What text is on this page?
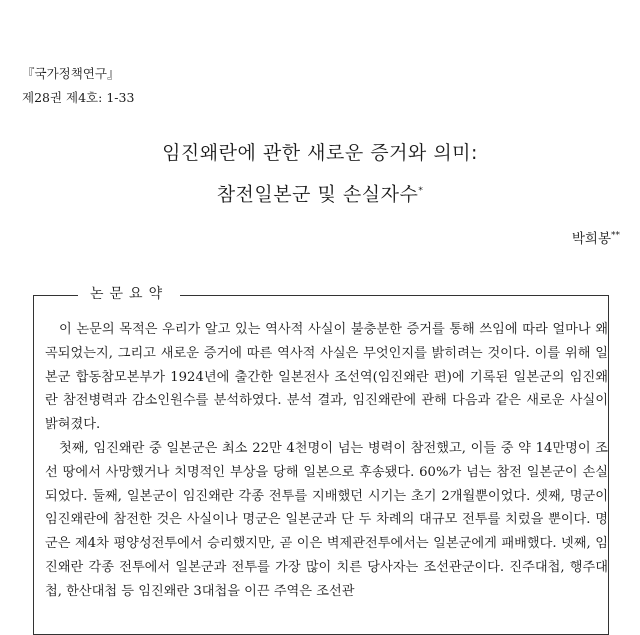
『국가정책연구』
제28권 제4호: 1-33
임진왜란에 관한 새로운 증거와 의미:
참전일본군 및 손실자수*
박희봉**
논문요약

이 논문의 목적은 우리가 알고 있는 역사적 사실이 불충분한 증거를 통해 쓰임에 따라 얼마나 왜곡되었는지, 그리고 새로운 증거에 따른 역사적 사실은 무엇인지를 밝히려는 것이다. 이를 위해 일본군 합동참모본부가 1924년에 출간한 일본전사 조선역(임진왜란 편)에 기록된 일본군의 임진왜란 참전병력과 감소인원수를 분석하였다. 분석 결과, 임진왜란에 관해 다음과 같은 새로운 사실이 밝혀졌다.

첫째, 임진왜란 중 일본군은 최소 22만 4천명이 넘는 병력이 참전했고, 이들 중 약 14만명이 조선 땅에서 사망했거나 치명적인 부상을 당해 일본으로 후송됐다. 60%가 넘는 참전 일본군이 손실되었다. 둘째, 일본군이 임진왜란 각종 전투를 지배했던 시기는 초기 2개월뿐이었다. 셋째, 명군이 임진왜란에 참전한 것은 사실이나 명군은 일본군과 단 두 차례의 대규모 전투를 치렀을 뿐이다. 명군은 제4차 평양성전투에서 승리했지만, 곧 이은 벽제관전투에서는 일본군에게 패배했다. 넷째, 임진왜란 각종 전투에서 일본군과 전투를 가장 많이 치른 당사자는 조선관군이다. 진주대첩, 행주대첩, 한산대첩 등 임진왜란 3대첩을 이끈 주역은 조선관
